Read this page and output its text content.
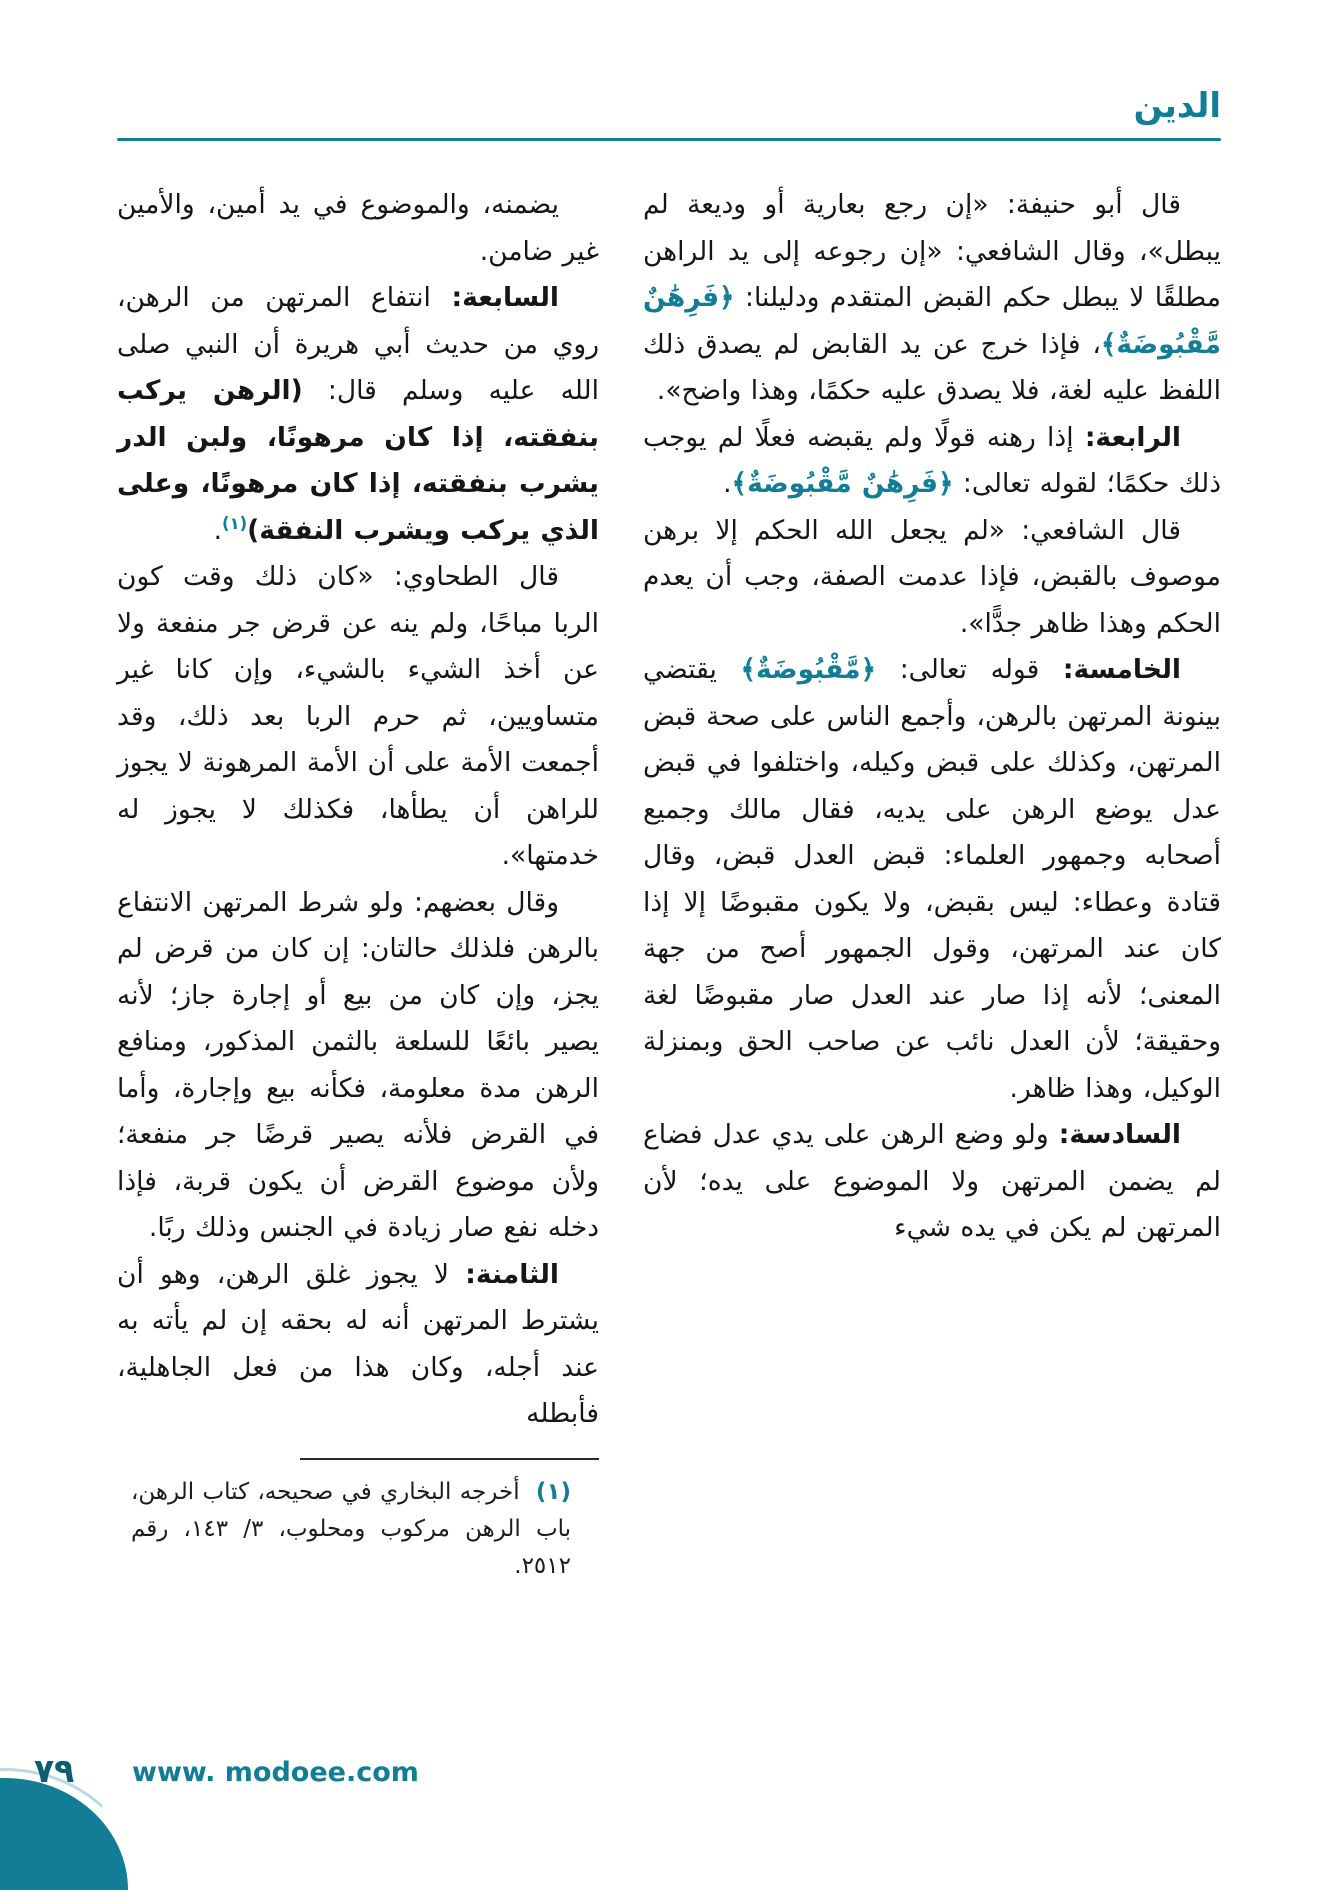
الدين

قال أبو حنيفة: «إن رجع بعارية أو وديعة لم يبطل»، وقال الشافعي: «إن رجوعه إلى يد الراهن مطلقًا لا يبطل حكم القبض المتقدم ودليلنا: ﴿فَرِهَٰنٌ مَّقْبُوضَةٌ﴾، فإذا خرج عن يد القابض لم يصدق ذلك اللفظ عليه لغة، فلا يصدق عليه حكمًا، وهذا واضح».

الرابعة: إذا رهنه قولًا ولم يقبضه فعلًا لم يوجب ذلك حكمًا؛ لقوله تعالى: ﴿فَرِهَٰنٌ مَّقْبُوضَةٌ﴾.

قال الشافعي: «لم يجعل الله الحكم إلا برهن موصوف بالقبض، فإذا عدمت الصفة، وجب أن يعدم الحكم وهذا ظاهر جدًّا».

الخامسة: قوله تعالى: ﴿مَّقْبُوضَةٌ﴾ يقتضي بينونة المرتهن بالرهن، وأجمع الناس على صحة قبض المرتهن، وكذلك على قبض وكيله، واختلفوا في قبض عدل يوضع الرهن على يديه، فقال مالك وجميع أصحابه وجمهور العلماء: قبض العدل قبض، وقال قتادة وعطاء: ليس بقبض، ولا يكون مقبوضًا إلا إذا كان عند المرتهن، وقول الجمهور أصح من جهة المعنى؛ لأنه إذا صار عند العدل صار مقبوضًا لغة وحقيقة؛ لأن العدل نائب عن صاحب الحق وبمنزلة الوكيل، وهذا ظاهر.

السادسة: ولو وضع الرهن على يدي عدل فضاع لم يضمن المرتهن ولا الموضوع على يده؛ لأن المرتهن لم يكن في يده شيء

يضمنه، والموضوع في يد أمين، والأمين غير ضامن.

السابعة: انتفاع المرتهن من الرهن، روي من حديث أبي هريرة أن النبي صلى الله عليه وسلم قال: (الرهن يركب بنفقته، إذا كان مرهونًا، ولبن الدر يشرب بنفقته، إذا كان مرهونًا، وعلى الذي يركب ويشرب النفقة)$^{(١)}$.

قال الطحاوي: «كان ذلك وقت كون الربا مباحًا، ولم ينه عن قرض جر منفعة ولا عن أخذ الشيء بالشيء، وإن كانا غير متساويين، ثم حرم الربا بعد ذلك، وقد أجمعت الأمة على أن الأمة المرهونة لا يجوز للراهن أن يطأها، فكذلك لا يجوز له خدمتها».

وقال بعضهم: ولو شرط المرتهن الانتفاع بالرهن فلذلك حالتان: إن كان من قرض لم يجز، وإن كان من بيع أو إجارة جاز؛ لأنه يصير بائعًا للسلعة بالثمن المذكور، ومنافع الرهن مدة معلومة، فكأنه بيع وإجارة، وأما في القرض فلأنه يصير قرضًا جر منفعة؛ ولأن موضوع القرض أن يكون قربة، فإذا دخله نفع صار زيادة في الجنس وذلك ربًا.

الثامنة: لا يجوز غلق الرهن، وهو أن يشترط المرتهن أنه له بحقه إن لم يأته به عند أجله، وكان هذا من فعل الجاهلية، فأبطله

(١) أخرجه البخاري في صحيحه، كتاب الرهن، باب الرهن مركوب ومحلوب، ٣/ ١٤٣، رقم ٢٥١٢.
٧٩ www. modoee.com
